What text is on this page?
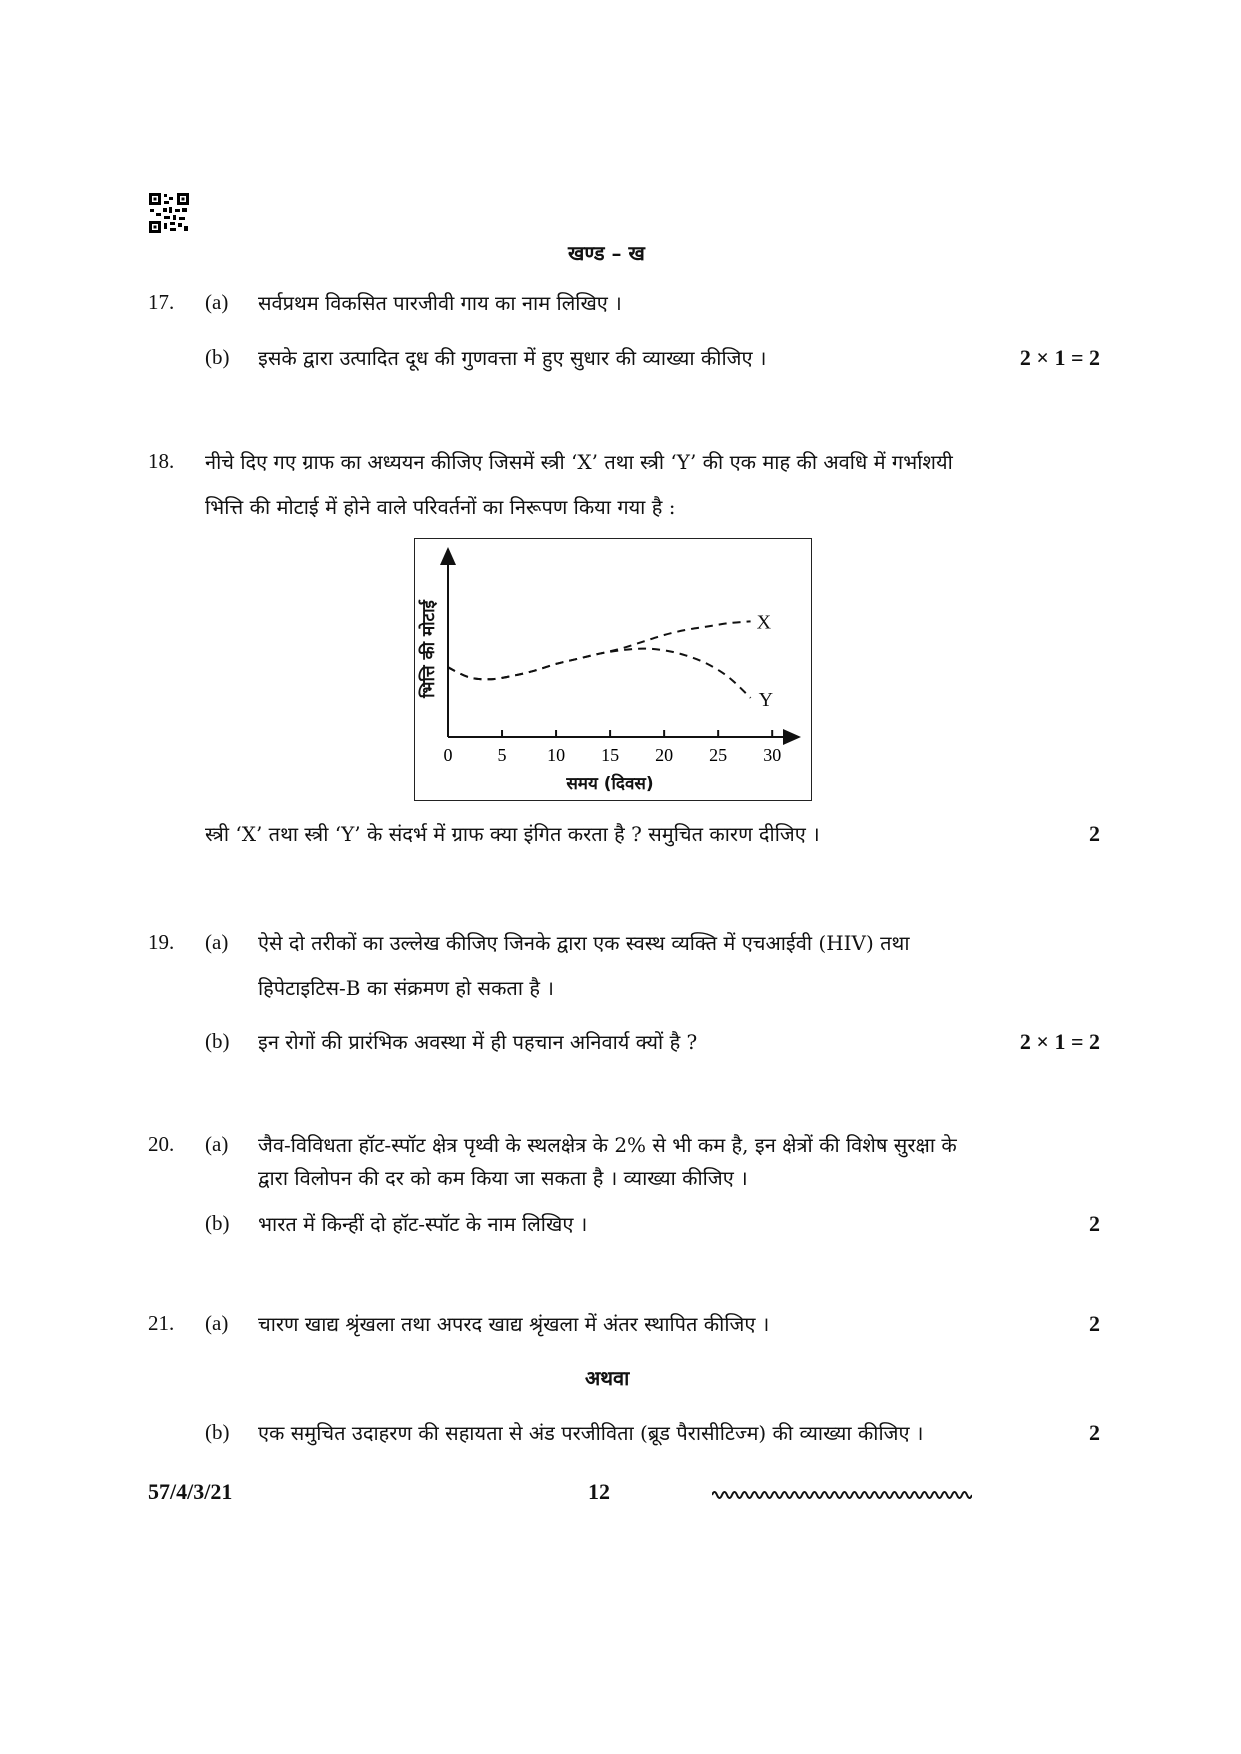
खण्ड – ख
17. (a) सर्वप्रथम विकसित पारजीवी गाय का नाम लिखिए ।
(b) इसके द्वारा उत्पादित दूध की गुणवत्ता में हुए सुधार की व्याख्या कीजिए ।	2 × 1 = 2
18. नीचे दिए गए ग्राफ का अध्ययन कीजिए जिसमें स्त्री ‘X’ तथा स्त्री ‘Y’ की एक माह की अवधि में गर्भाशयी
भित्ति की मोटाई में होने वाले परिवर्तनों का निरूपण किया गया है :
0	5 10 15 20 25 30
X
Y
भित्ति की मोटाई
समय (दिवस)
स्त्री ‘X’ तथा स्त्री ‘Y’ के संदर्भ में ग्राफ क्या इंगित करता है ? समुचित कारण दीजिए ।	2
19. (a) ऐसे दो तरीकों का उल्लेख कीजिए जिनके द्वारा एक स्वस्थ व्यक्ति में एचआईवी (HIV) तथा
हिपेटाइटिस-B का संक्रमण हो सकता है ।
(b) इन रोगों की प्रारंभिक अवस्था में ही पहचान अनिवार्य क्यों है ?	2 × 1 = 2
20. (a) जैव-विविधता हॉट-स्पॉट क्षेत्र पृथ्वी के स्थलक्षेत्र के 2% से भी कम है, इन क्षेत्रों की विशेष सुरक्षा के
द्वारा विलोपन की दर को कम किया जा सकता है । व्याख्या कीजिए ।
(b) भारत में किन्हीं दो हॉट-स्पॉट के नाम लिखिए ।	2
21. (a) चारण खाद्य श्रृंखला तथा अपरद खाद्य श्रृंखला में अंतर स्थापित कीजिए ।	2
अथवा
(b) एक समुचित उदाहरण की सहायता से अंड परजीविता (ब्रूड पैरासीटिज्म) की व्याख्या कीजिए ।	2
57/4/3/21	12
